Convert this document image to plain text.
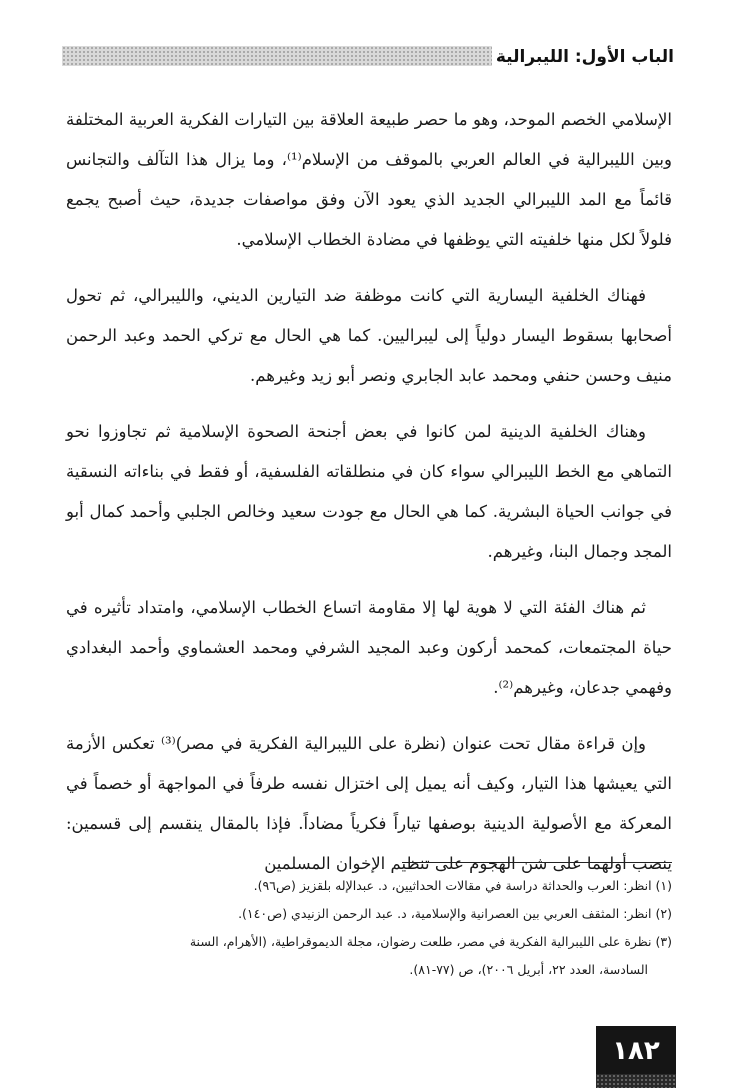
الباب الأول: الليبرالية

الإسلامي الخصم الموحد، وهو ما حصر طبيعة العلاقة بين التيارات الفكرية العربية المختلفة وبين الليبرالية في العالم العربي بالموقف من الإسلام⁽¹⁾، وما يزال هذا التآلف والتجانس قائماً مع المد الليبرالي الجديد الذي يعود الآن وفق مواصفات جديدة، حيث أصبح يجمع فلولاً لكل منها خلفيته التي يوظفها في مضادة الخطاب الإسلامي.

فهناك الخلفية اليسارية التي كانت موظفة ضد التيارين الديني، والليبرالي، ثم تحول أصحابها بسقوط اليسار دولياً إلى ليبراليين. كما هي الحال مع تركي الحمد وعبد الرحمن منيف وحسن حنفي ومحمد عابد الجابري ونصر أبو زيد وغيرهم.

وهناك الخلفية الدينية لمن كانوا في بعض أجنحة الصحوة الإسلامية ثم تجاوزوا نحو التماهي مع الخط الليبرالي سواء كان في منطلقاته الفلسفية، أو فقط في بناءاته النسقية في جوانب الحياة البشرية. كما هي الحال مع جودت سعيد وخالص الجلبي وأحمد كمال أبو المجد وجمال البنا، وغيرهم.

ثم هناك الفئة التي لا هوية لها إلا مقاومة اتساع الخطاب الإسلامي، وامتداد تأثيره في حياة المجتمعات، كمحمد أركون وعبد المجيد الشرفي ومحمد العشماوي وأحمد البغدادي وفهمي جدعان، وغيرهم⁽²⁾.

وإن قراءة مقال تحت عنوان (نظرة على الليبرالية الفكرية في مصر)⁽³⁾ تعكس الأزمة التي يعيشها هذا التيار، وكيف أنه يميل إلى اختزال نفسه طرفاً في المواجهة أو خصماً في المعركة مع الأصولية الدينية بوصفها تياراً فكرياً مضاداً. فإذا بالمقال ينقسم إلى قسمين: ينصب أولهما على شن الهجوم على تنظيم الإخوان المسلمين

(١) انظر: العرب والحداثة دراسة في مقالات الحداثيين، د. عبدالإله بلقزيز (ص٩٦).

(٢) انظر: المثقف العربي بين العصرانية والإسلامية، د. عبد الرحمن الزنيدي (ص١٤٠).

(٣) نظرة على الليبرالية الفكرية في مصر، طلعت رضوان، مجلة الديموقراطية، (الأهرام، السنة

السادسة، العدد ٢٢، أبريل ٢٠٠٦)، ص (٧٧-٨١).

١٨٢
